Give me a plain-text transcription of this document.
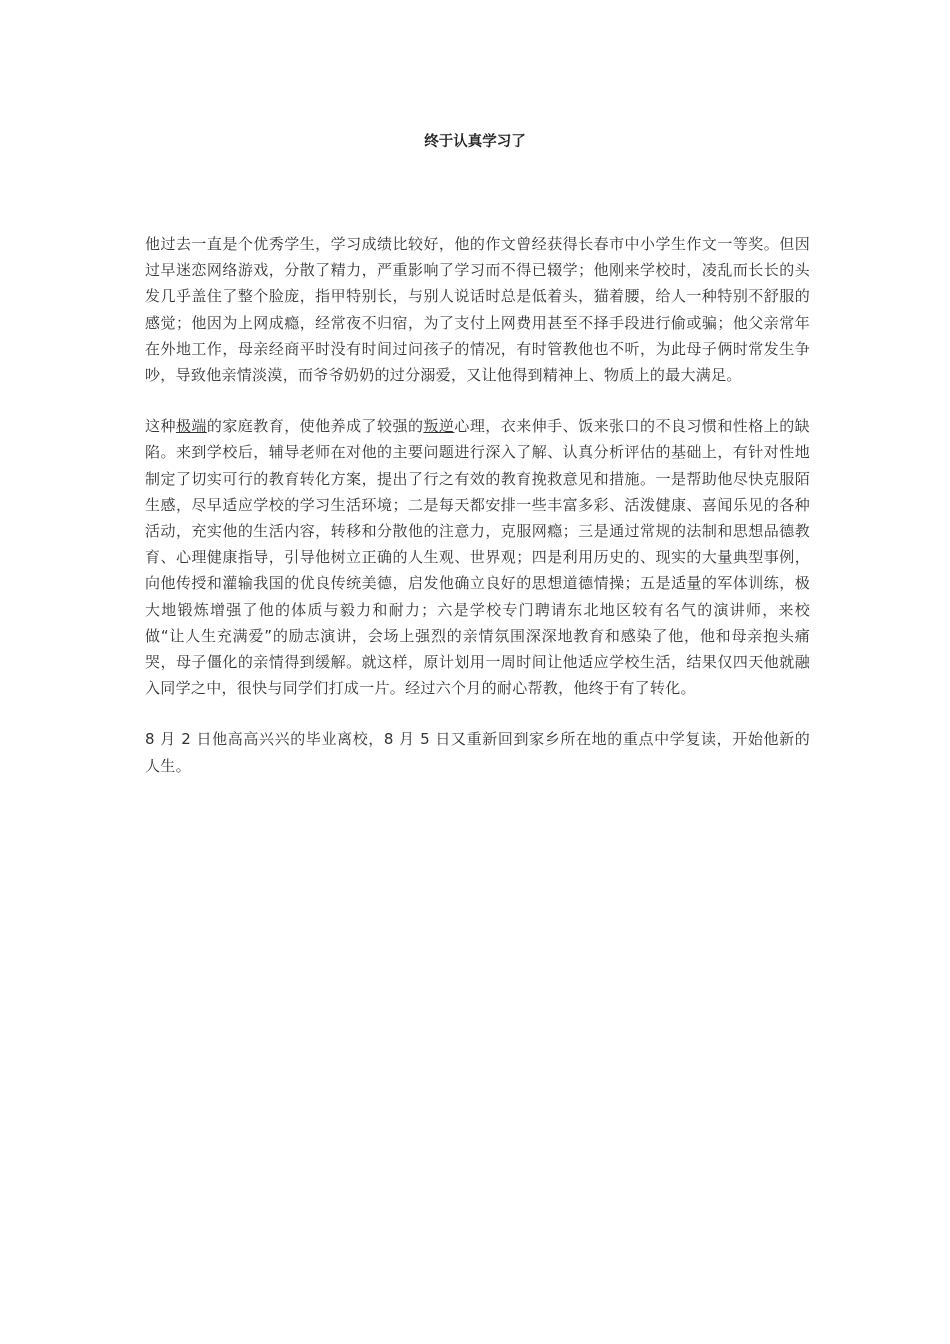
终于认真学习了

他过去一直是个优秀学生，学习成绩比较好，他的作文曾经获得长春市中小学生作文一等奖。但因过早迷恋网络游戏，分散了精力，严重影响了学习而不得已辍学；他刚来学校时，凌乱而长长的头发几乎盖住了整个脸庞，指甲特别长，与别人说话时总是低着头，猫着腰，给人一种特别不舒服的感觉；他因为上网成瘾，经常夜不归宿，为了支付上网费用甚至不择手段进行偷或骗；他父亲常年在外地工作，母亲经商平时没有时间过问孩子的情况，有时管教他也不听，为此母子俩时常发生争吵，导致他亲情淡漠，而爷爷奶奶的过分溺爱，又让他得到精神上、物质上的最大满足。

这种极端的家庭教育，使他养成了较强的叛逆心理，衣来伸手、饭来张口的不良习惯和性格上的缺陷。来到学校后，辅导老师在对他的主要问题进行深入了解、认真分析评估的基础上，有针对性地制定了切实可行的教育转化方案，提出了行之有效的教育挽救意见和措施。一是帮助他尽快克服陌生感，尽早适应学校的学习生活环境；二是每天都安排一些丰富多彩、活泼健康、喜闻乐见的各种活动，充实他的生活内容，转移和分散他的注意力，克服网瘾；三是通过常规的法制和思想品德教育、心理健康指导，引导他树立正确的人生观、世界观；四是利用历史的、现实的大量典型事例，向他传授和灌输我国的优良传统美德，启发他确立良好的思想道德情操；五是适量的军体训练，极大地锻炼增强了他的体质与毅力和耐力；六是学校专门聘请东北地区较有名气的演讲师，来校做“让人生充满爱”的励志演讲，会场上强烈的亲情氛围深深地教育和感染了他，他和母亲抱头痛哭，母子僵化的亲情得到缓解。就这样，原计划用一周时间让他适应学校生活，结果仅四天他就融入同学之中，很快与同学们打成一片。经过六个月的耐心帮教，他终于有了转化。

8 月 2 日他高高兴兴的毕业离校，8 月 5 日又重新回到家乡所在地的重点中学复读，开始他新的人生。
